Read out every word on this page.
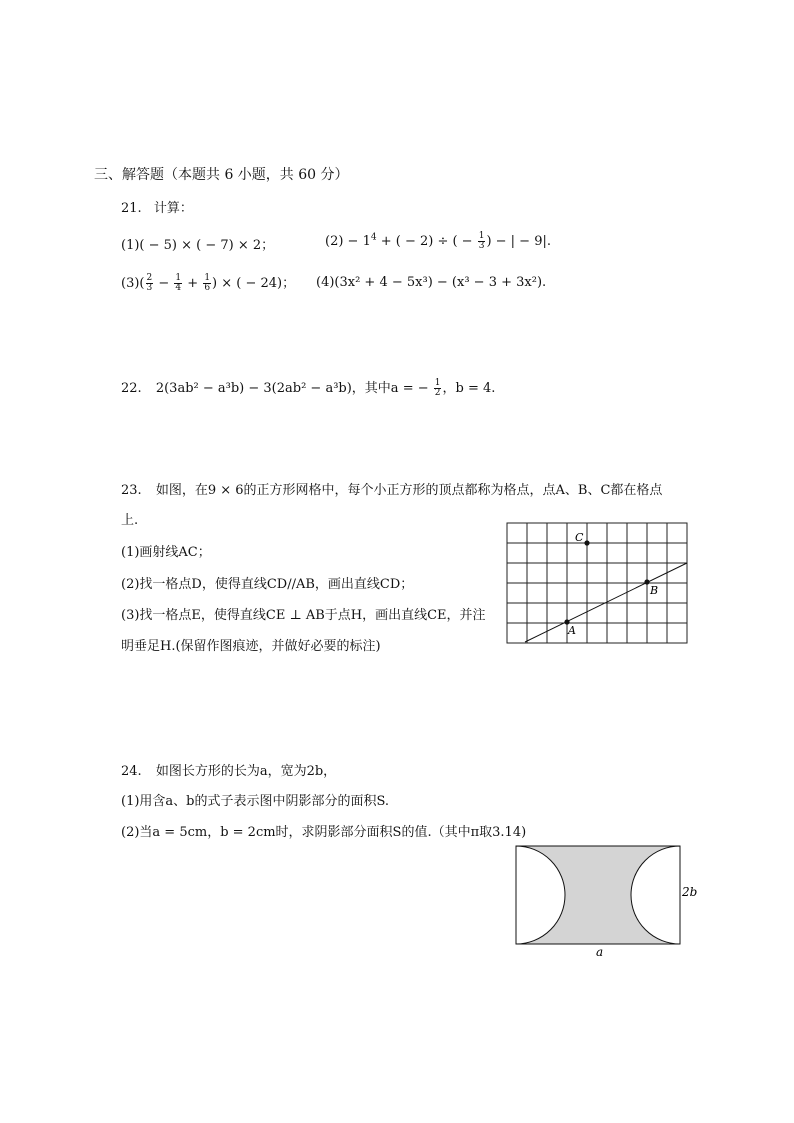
三、解答题（本题共 6 小题，共 60 分）
21. 计算：
(1)( − 5) × ( − 7) × 2；	$(2) - 1^4$ + ( − 2) ÷ ( − $\frac{1}{3}$ ) − | − 9|.
$(3)( \frac{2}{3} - \frac{1}{4} + \frac{1}{6}$ ) × ( − 24)； (4)(3x² + 4 − 5x³) − (x³ − 3 + 3x²).
22. 2(3ab² − a³b) − 3(2ab² − a³b)，其中a = − $\frac{1}{2}$ ，b = 4.
23. 如图，在9 × 6的正方形网格中，每个小正方形的顶点都称为格点，点A、B、C都在格点
上.
(1)画射线AC；
(2)找一格点D，使得直线CD//AB，画出直线CD；
(3)找一格点E，使得直线CE ⊥ AB于点H，画出直线CE，并注
明垂足H.(保留作图痕迹，并做好必要的标注)
A
B
C
24. 如图长方形的长为a，宽为2b，
(1)用含a、b的式子表示图中阴影部分的面积S.
(2)当a = 5cm，b = 2cm时，求阴影部分面积S的值.（其中π取3.14)
a
2b
